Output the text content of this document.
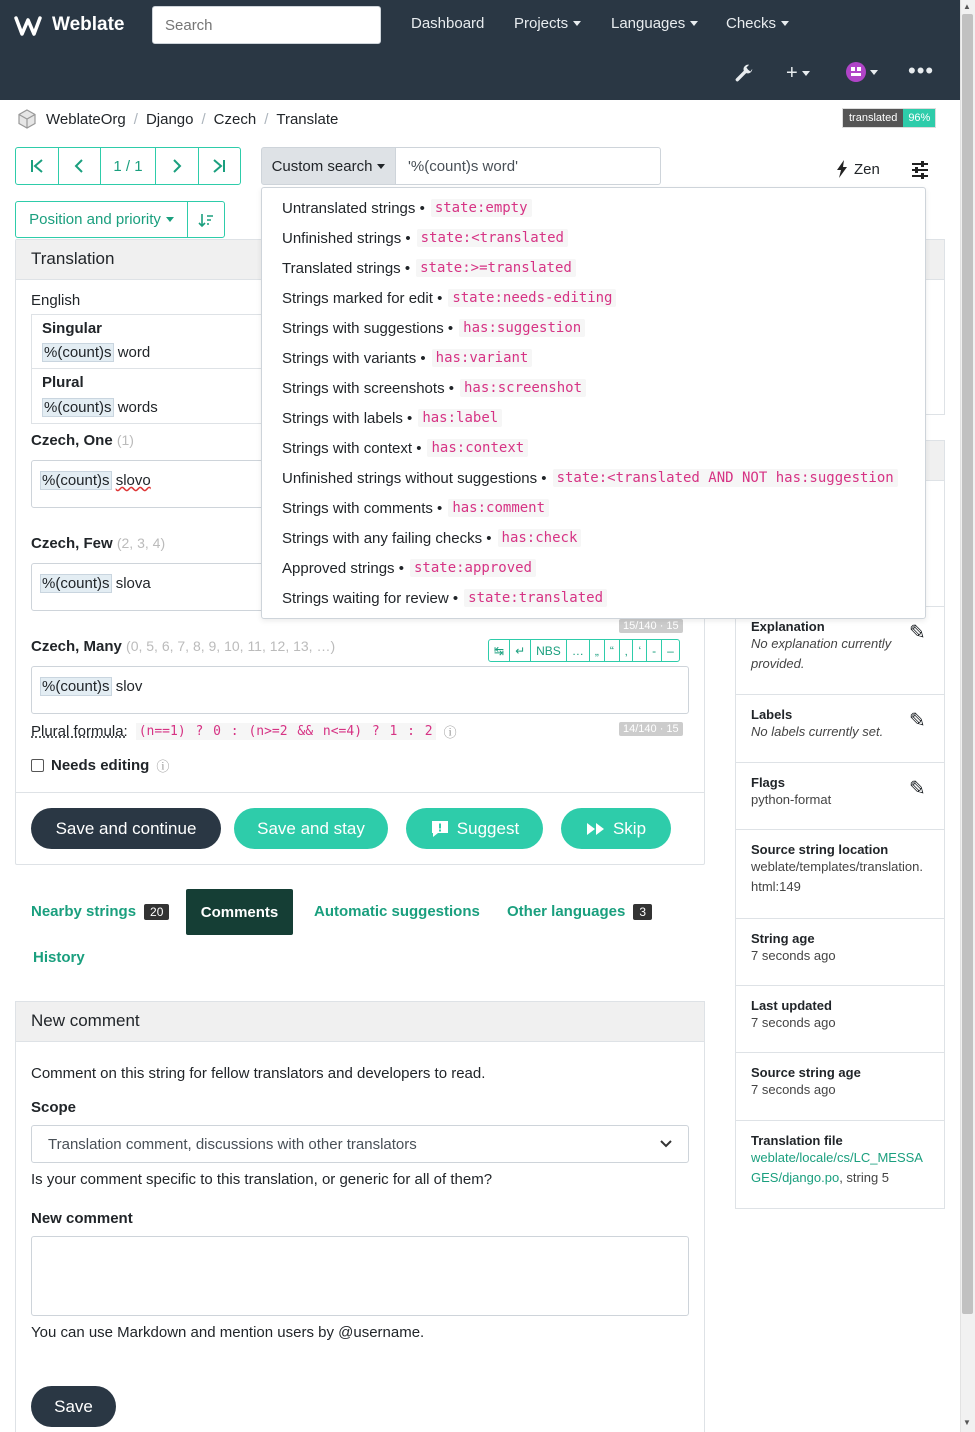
Weblate
Search	Dashboard Projects	Languages	Checks
+	•••
▲
▼
WeblateOrg / Django / Czech / Translate	translated	96%
1 / 1	Custom search	'%(count)s word'	Zen
Position and priority
Translation
English
Singular
%(count)s word
Plural
%(count)s words
Czech, One (1)
%(count)s slovo
Czech, Few (2, 3, 4)
%(count)s slova
15/140 · 15
Czech, Many (0, 5, 6, 7, 8, 9, 10, 11, 12, 13, …)	↹ ↵ NBS … „ “ ‚ ‘ - –
%(count)s slov
14/140 · 15
Plural formula: (n==1) ? 0 : (n>=2 && n<=4) ? 1 : 2 ⓘ
Needs editing ⓘ
Save and continue	Save and stay	Suggest	Skip
Explanation
No explanation currently provided.
✎
Labels
No labels currently set.	✎
Flags
python-format	✎
Source string location
weblate/templates/translation.html:149
String age
7 seconds ago
Last updated
7 seconds ago
Source string age
7 seconds ago
Translation file
weblate/locale/cs/LC_MESSAGES/django.po, string 5
Untranslated strings • state:empty
Unfinished strings • state:<translated
Translated strings • state:>=translated
Strings marked for edit • state:needs-editing
Strings with suggestions • has:suggestion
Strings with variants • has:variant
Strings with screenshots • has:screenshot
Strings with labels • has:label
Strings with context • has:context
Unfinished strings without suggestions • state:<translated AND NOT has:suggestion
Strings with comments • has:comment
Strings with any failing checks • has:check
Approved strings • state:approved
Strings waiting for review • state:translated
Nearby strings	20	Comments Automatic suggestions Other languages	3
History
New comment
Comment on this string for fellow translators and developers to read.
Scope
Translation comment, discussions with other translators
Is your comment specific to this translation, or generic for all of them?
New comment
You can use Markdown and mention users by @username.
Save
